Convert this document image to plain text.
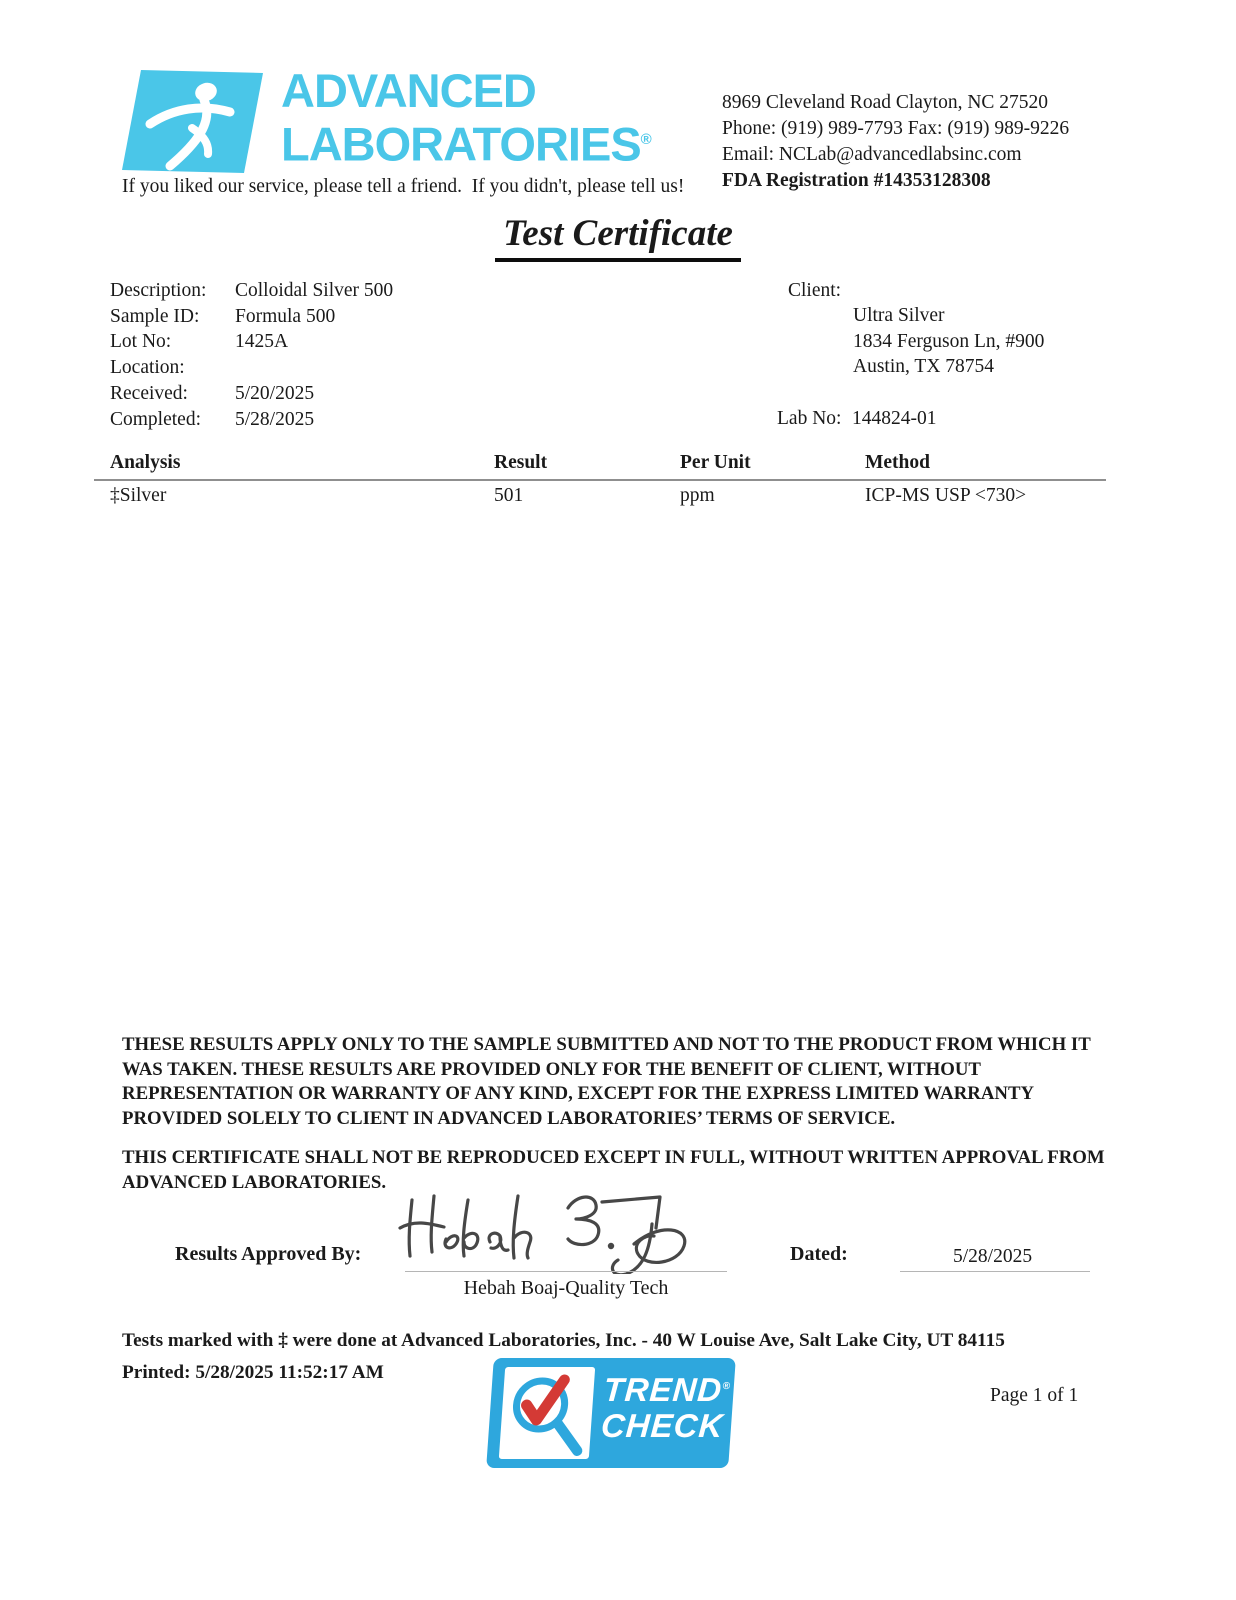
ADVANCED
LABORATORIES®
If you liked our service, please tell a friend.  If you didn't, please tell us!
8969 Cleveland Road Clayton, NC 27520
Phone: (919) 989-7793 Fax: (919) 989-9226
Email: NCLab@advancedlabsinc.com
FDA Registration #14353128308
Test Certificate
Description:	Colloidal Silver 500
Sample ID:	Formula 500
Lot No:	1425A
Location:
Received:	5/20/2025
Completed:	5/28/2025
Client:
Ultra Silver
1834 Ferguson Ln, #900
Austin, TX 78754
Lab No: 144824-01
Analysis	Result	Per Unit	Method
‡Silver	501	ppm	ICP-MS USP <730>
THESE RESULTS APPLY ONLY TO THE SAMPLE SUBMITTED AND NOT TO THE PRODUCT FROM WHICH IT WAS TAKEN. THESE RESULTS ARE PROVIDED ONLY FOR THE BENEFIT OF CLIENT, WITHOUT REPRESENTATION OR WARRANTY OF ANY KIND, EXCEPT FOR THE EXPRESS LIMITED WARRANTY PROVIDED SOLELY TO CLIENT IN ADVANCED LABORATORIES’ TERMS OF SERVICE.
THIS CERTIFICATE SHALL NOT BE REPRODUCED EXCEPT IN FULL, WITHOUT WRITTEN APPROVAL FROM ADVANCED LABORATORIES.
Results Approved By:
Hebah Boaj-Quality Tech
Dated:	5/28/2025
Tests marked with ‡ were done at Advanced Laboratories, Inc. - 40 W Louise Ave, Salt Lake City, UT 84115
Printed: 5/28/2025 11:52:17 AM
Page 1 of 1
TREND®
CHECK
